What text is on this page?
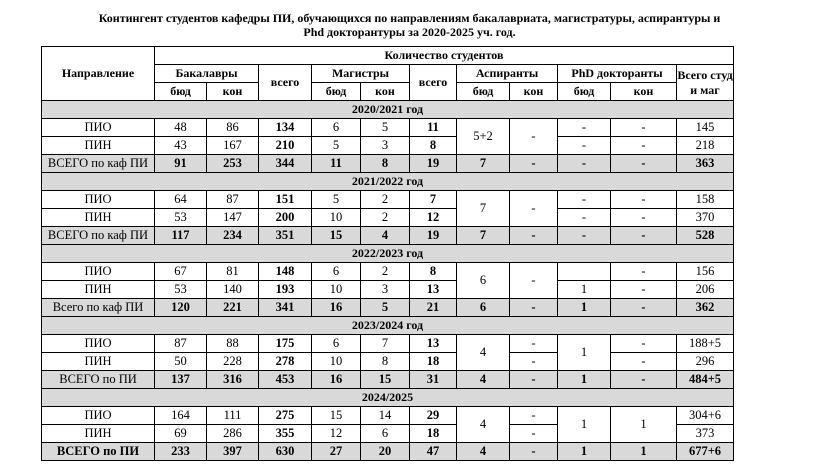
Контингент студентов кафедры ПИ, обучающихся по направлениям бакалавриата, магистратуры, аспирантуры и
Phd докторантуры за 2020-2025 уч. год.
Направление	Количество студентов										
	Бакалавры		всего	Магистры		всего	Аспиранты		PhD докторанты		Всего студ и маг
	бюд	кон		бюд	кон		бюд	кон	бюд	кон	
2020/2021 год											
ПИО	48	86	134	6	5	11	5+2	-	-	-	145
ПИН	43	167	210	5	3	8			-	-	218
ВСЕГО по каф ПИ	91	253	344	11	8	19	7	-	-	-	363
2021/2022 год											
ПИО	64	87	151	5	2	7	7	-	-	-	158
ПИН	53	147	200	10	2	12			-	-	370
ВСЕГО по каф ПИ	117	234	351	15	4	19	7	-	-	-	528
2022/2023 год											
ПИО	67	81	148	6	2	8	6	-		-	156
ПИН	53	140	193	10	3	13			1	-	206
Всего по каф ПИ	120	221	341	16	5	21	6	-	1	-	362
2023/2024 год											
ПИО	87	88	175	6	7	13	4	-	1	-	188+5
ПИН	50	228	278	10	8	18		-		-	296
ВСЕГО по ПИ	137	316	453	16	15	31	4	-	1	-	484+5
2024/2025											
ПИО	164	111	275	15	14	29	4	-	1	1	304+6
ПИН	69	286	355	12	6	18		-			373
ВСЕГО по ПИ	233	397	630	27	20	47	4	-	1	1	677+6
